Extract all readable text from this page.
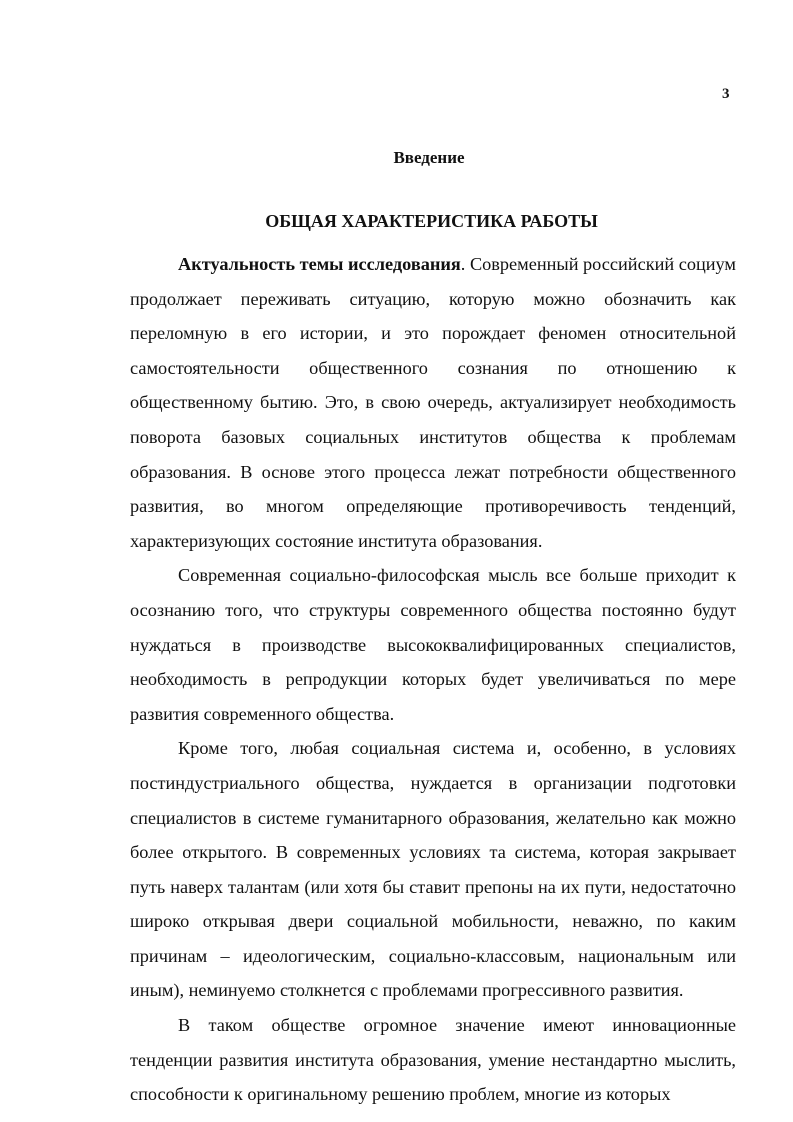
3
Введение
ОБЩАЯ ХАРАКТЕРИСТИКА РАБОТЫ

Актуальность темы исследования. Современный российский социум продолжает переживать ситуацию, которую можно обозначить как переломную в его истории, и это порождает феномен относительной самостоятельности общественного сознания по отношению к общественному бытию. Это, в свою очередь, актуализирует необходимость поворота базовых социальных институтов общества к проблемам образования. В основе этого процесса лежат потребности общественного развития, во многом определяющие противоречивость тенденций, характеризующих состояние института образования.

Современная социально-философская мысль все больше приходит к осознанию того, что структуры современного общества постоянно будут нуждаться в производстве высококвалифицированных специалистов, необходимость в репродукции которых будет увеличиваться по мере развития современного общества.

Кроме того, любая социальная система и, особенно, в условиях постиндустриального общества, нуждается в организации подготовки специалистов в системе гуманитарного образования, желательно как можно более открытого. В современных условиях та система, которая закрывает путь наверх талантам (или хотя бы ставит препоны на их пути, недостаточно широко открывая двери социальной мобильности, неважно, по каким причинам – идеологическим, социально-классовым, национальным или иным), неминуемо столкнется с проблемами прогрессивного развития.

В таком обществе огромное значение имеют инновационные тенденции развития института образования, умение нестандартно мыслить, способности к оригинальному решению проблем, многие из которых
